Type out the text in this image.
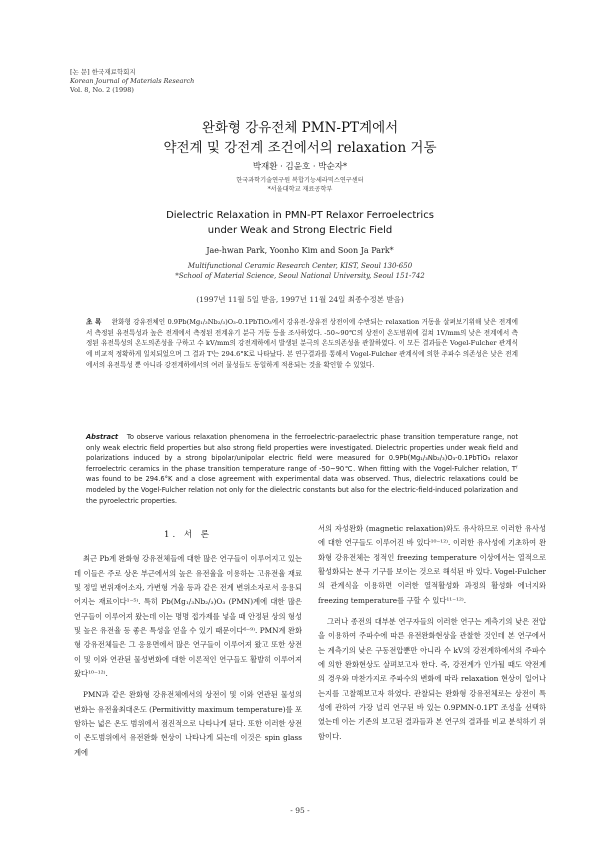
[논 문] 한국재료학회지
Korean Journal of Materials Research
Vol. 8, No. 2 (1998)
완화형 강유전체 PMN-PT계에서
약전계 및 강전계 조건에서의 relaxation 거동
박재환 · 김윤호 · 박순자*
한국과학기술연구원 복합기능세라믹스연구센터
*서울대학교 재료공학부
Dielectric Relaxation in PMN-PT Relaxor Ferroelectrics
under Weak and Strong Electric Field
Jae-hwan Park, Yoonho Kim and Soon Ja Park*
Multifunctional Ceramic Research Center, KIST, Seoul 130-650
*School of Material Science, Seoul National University, Seoul 151-742
(1997년 11월 5일 받음, 1997년 11월 24일 최종수정본 받음)
초 록 완화형 강유전체인 0.9Pb(Mg₁/₃Nb₂/₃)O₃-0.1PbTiO₃에서 강유전-상유전 상전이에 수반되는 relaxation 거동을 살펴보기위해 낮은 전계에서 측정된 유전특성과 높은 전계에서 측정된 전계유기 분극 거동 등을 조사하였다. -50~90℃의 상전이 온도범위에 걸쳐 1V/mm의 낮은 전계에서 측정된 유전특성의 온도의존성을 구하고 수 kV/mm의 강전계하에서 발생된 분극의 온도의존성을 관찰하였다. 이 모든 결과들은 Vogel-Fulcher 관계식에 비교적 정확하게 일치되었으며 그 결과 Tᶠ는 294.6°K로 나타났다. 본 연구결과를 통해서 Vogel-Fulcher 관계식에 의한 주파수 의존성은 낮은 전계에서의 유전특성 뿐 아니라 강전계하에서의 여러 물성들도 동일하게 적용되는 것을 확인할 수 있었다.
Abstract To observe various relaxation phenomena in the ferroelectric-paraelectric phase transition temperature range, not only weak electric field properties but also strong field properties were investigated. Dielectric properties under weak field and polarizations induced by a strong bipolar/unipolar electric field were measured for 0.9Pb(Mg₁/₃Nb₂/₃)O₃-0.1PbTiO₃ relaxor ferroelectric ceramics in the phase transition temperature range of -50~90℃. When fitting with the Vogel-Fulcher relation, Tᶠ was found to be 294.6°K and a close agreement with experimental data was observed. Thus, dielectric relaxations could be modeled by the Vogel-Fulcher relation not only for the dielectric constants but also for the electric-field-induced polarization and the pyroelectric properties.
1. 서 론

최근 Pb계 완화형 강유전체들에 대한 많은 연구들이 이루어지고 있는데 이들은 주로 상온 부근에서의 높은 유전율을 이용하는 고유전율 재료 및 정밀 변위재어소자, 가변형 거울 등과 같은 전계 변위소자로서 응용되어지는 재료이다¹⁻⁵⁾. 특히 Pb(Mg₁/₃Nb₂/₃)O₃ (PMN)계에 대한 많은 연구들이 이루어져 왔는데 이는 명명 접가제를 넣을 때 안정된 상의 형성 및 높은 유전율 등 좋은 특성을 얻을 수 있기 때문이다⁶⁻⁹⁾. PMN계 완화형 강유전체들은 그 응용면에서 많은 연구들이 이루어져 왔고 또한 상전이 및 이와 연관된 물성변화에 대한 이론적인 연구들도 활발히 이루어져 왔다¹⁰⁻¹²⁾.

PMN과 같은 완화형 강유전체에서의 상전이 및 이와 연관된 물성의 변화는 유전율최대온도 (Permitivitty maximum temperature)를 포함하는 넓은 온도 범위에서 점진적으로 나타나게 된다. 또한 이러한 상전이 온도범위에서 유전완화 현상이 나타나게 되는데 이것은 spin glass계에

서의 자성완화 (magnetic relaxation)와도 유사하므로 이러한 유사성에 대한 연구들도 이루어진 바 있다¹⁰⁻¹²⁾. 이러한 유사성에 기초하여 완화형 강유전체는 정적인 freezing temperature 이상에서는 열적으로 활성화되는 분극 기구를 보이는 것으로 해석된 바 있다. Vogel-Fulcher의 관계식을 이용하면 이러한 열적활성화 과정의 활성화 에너지와 freezing temperature를 구할 수 있다¹¹⁻¹²⁾.

그러나 종전의 대부분 연구자들의 이러한 연구는 계측기의 낮은 전압을 이용하여 주파수에 따른 유전완화현상을 관찰한 것인데 본 연구에서는 계측기의 낮은 구동전압뿐만 아니라 수 kV의 강전계하에서의 주파수에 의한 완화현상도 살펴보고자 한다. 즉, 강전계가 인가될 때도 약전계의 경우와 마찬가지로 주파수의 변화에 따라 relaxation 현상이 일어나는지를 고찰해보고자 하였다. 관찰되는 완화형 강유전체로는 상전이 특성에 관하여 가장 널리 연구된 바 있는 0.9PMN-0.1PT 조성을 선택하였는데 이는 기존의 보고된 결과들과 본 연구의 결과를 비교 분석하기 위함이다.

- 95 -
